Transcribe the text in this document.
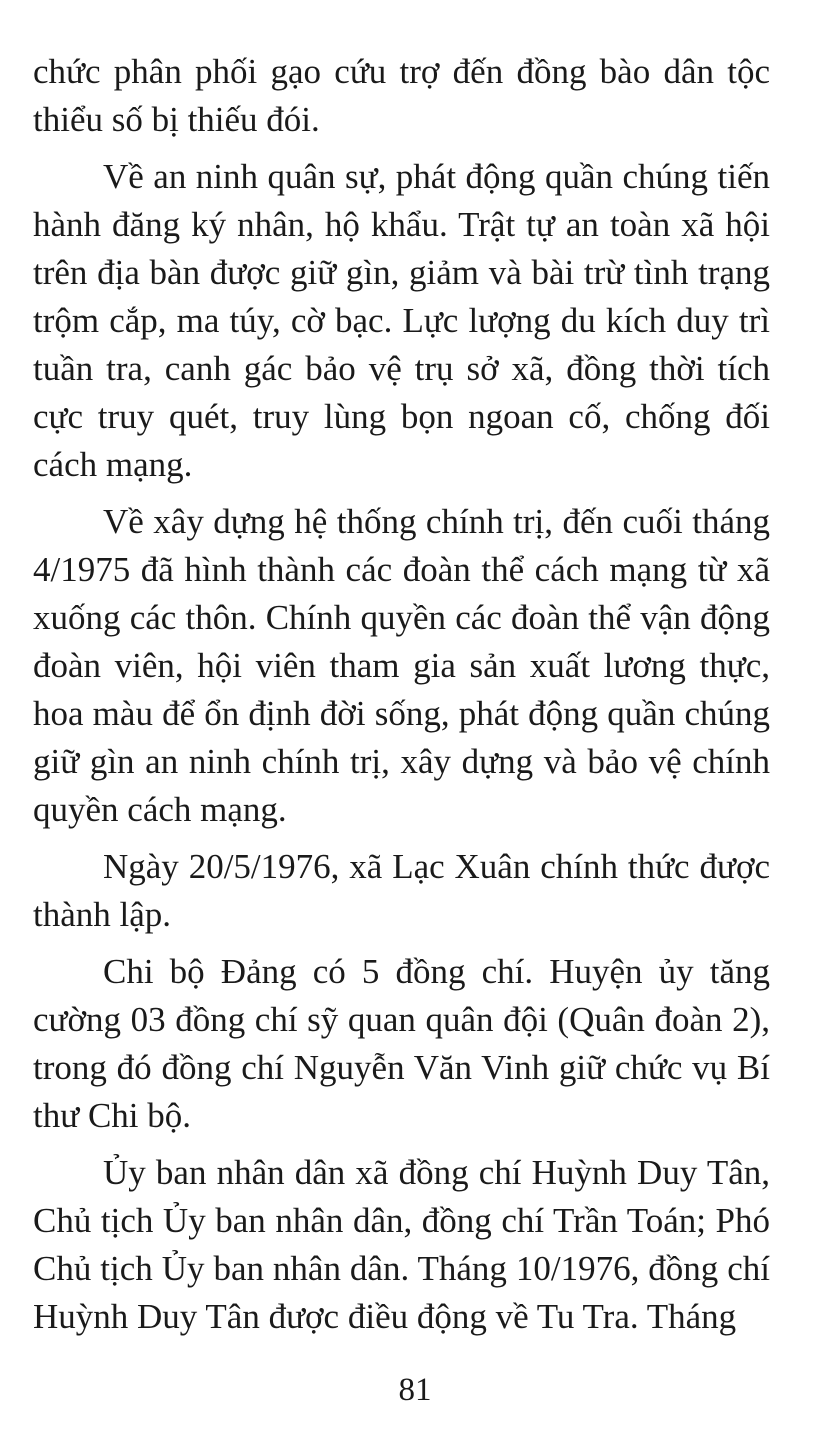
chức phân phối gạo cứu trợ đến đồng bào dân tộc thiểu số bị thiếu đói.

Về an ninh quân sự, phát động quần chúng tiến hành đăng ký nhân, hộ khẩu. Trật tự an toàn xã hội trên địa bàn được giữ gìn, giảm và bài trừ tình trạng trộm cắp, ma túy, cờ bạc. Lực lượng du kích duy trì tuần tra, canh gác bảo vệ trụ sở xã, đồng thời tích cực truy quét, truy lùng bọn ngoan cố, chống đối cách mạng.

Về xây dựng hệ thống chính trị, đến cuối tháng 4/1975 đã hình thành các đoàn thể cách mạng từ xã xuống các thôn. Chính quyền các đoàn thể vận động đoàn viên, hội viên tham gia sản xuất lương thực, hoa màu để ổn định đời sống, phát động quần chúng giữ gìn an ninh chính trị, xây dựng và bảo vệ chính quyền cách mạng.

Ngày 20/5/1976, xã Lạc Xuân chính thức được thành lập.

Chi bộ Đảng có 5 đồng chí. Huyện ủy tăng cường 03 đồng chí sỹ quan quân đội (Quân đoàn 2), trong đó đồng chí Nguyễn Văn Vinh giữ chức vụ Bí thư Chi bộ.

Ủy ban nhân dân xã đồng chí Huỳnh Duy Tân, Chủ tịch Ủy ban nhân dân, đồng chí Trần Toán; Phó Chủ tịch Ủy ban nhân dân. Tháng 10/1976, đồng chí Huỳnh Duy Tân được điều động về Tu Tra. Tháng

81
